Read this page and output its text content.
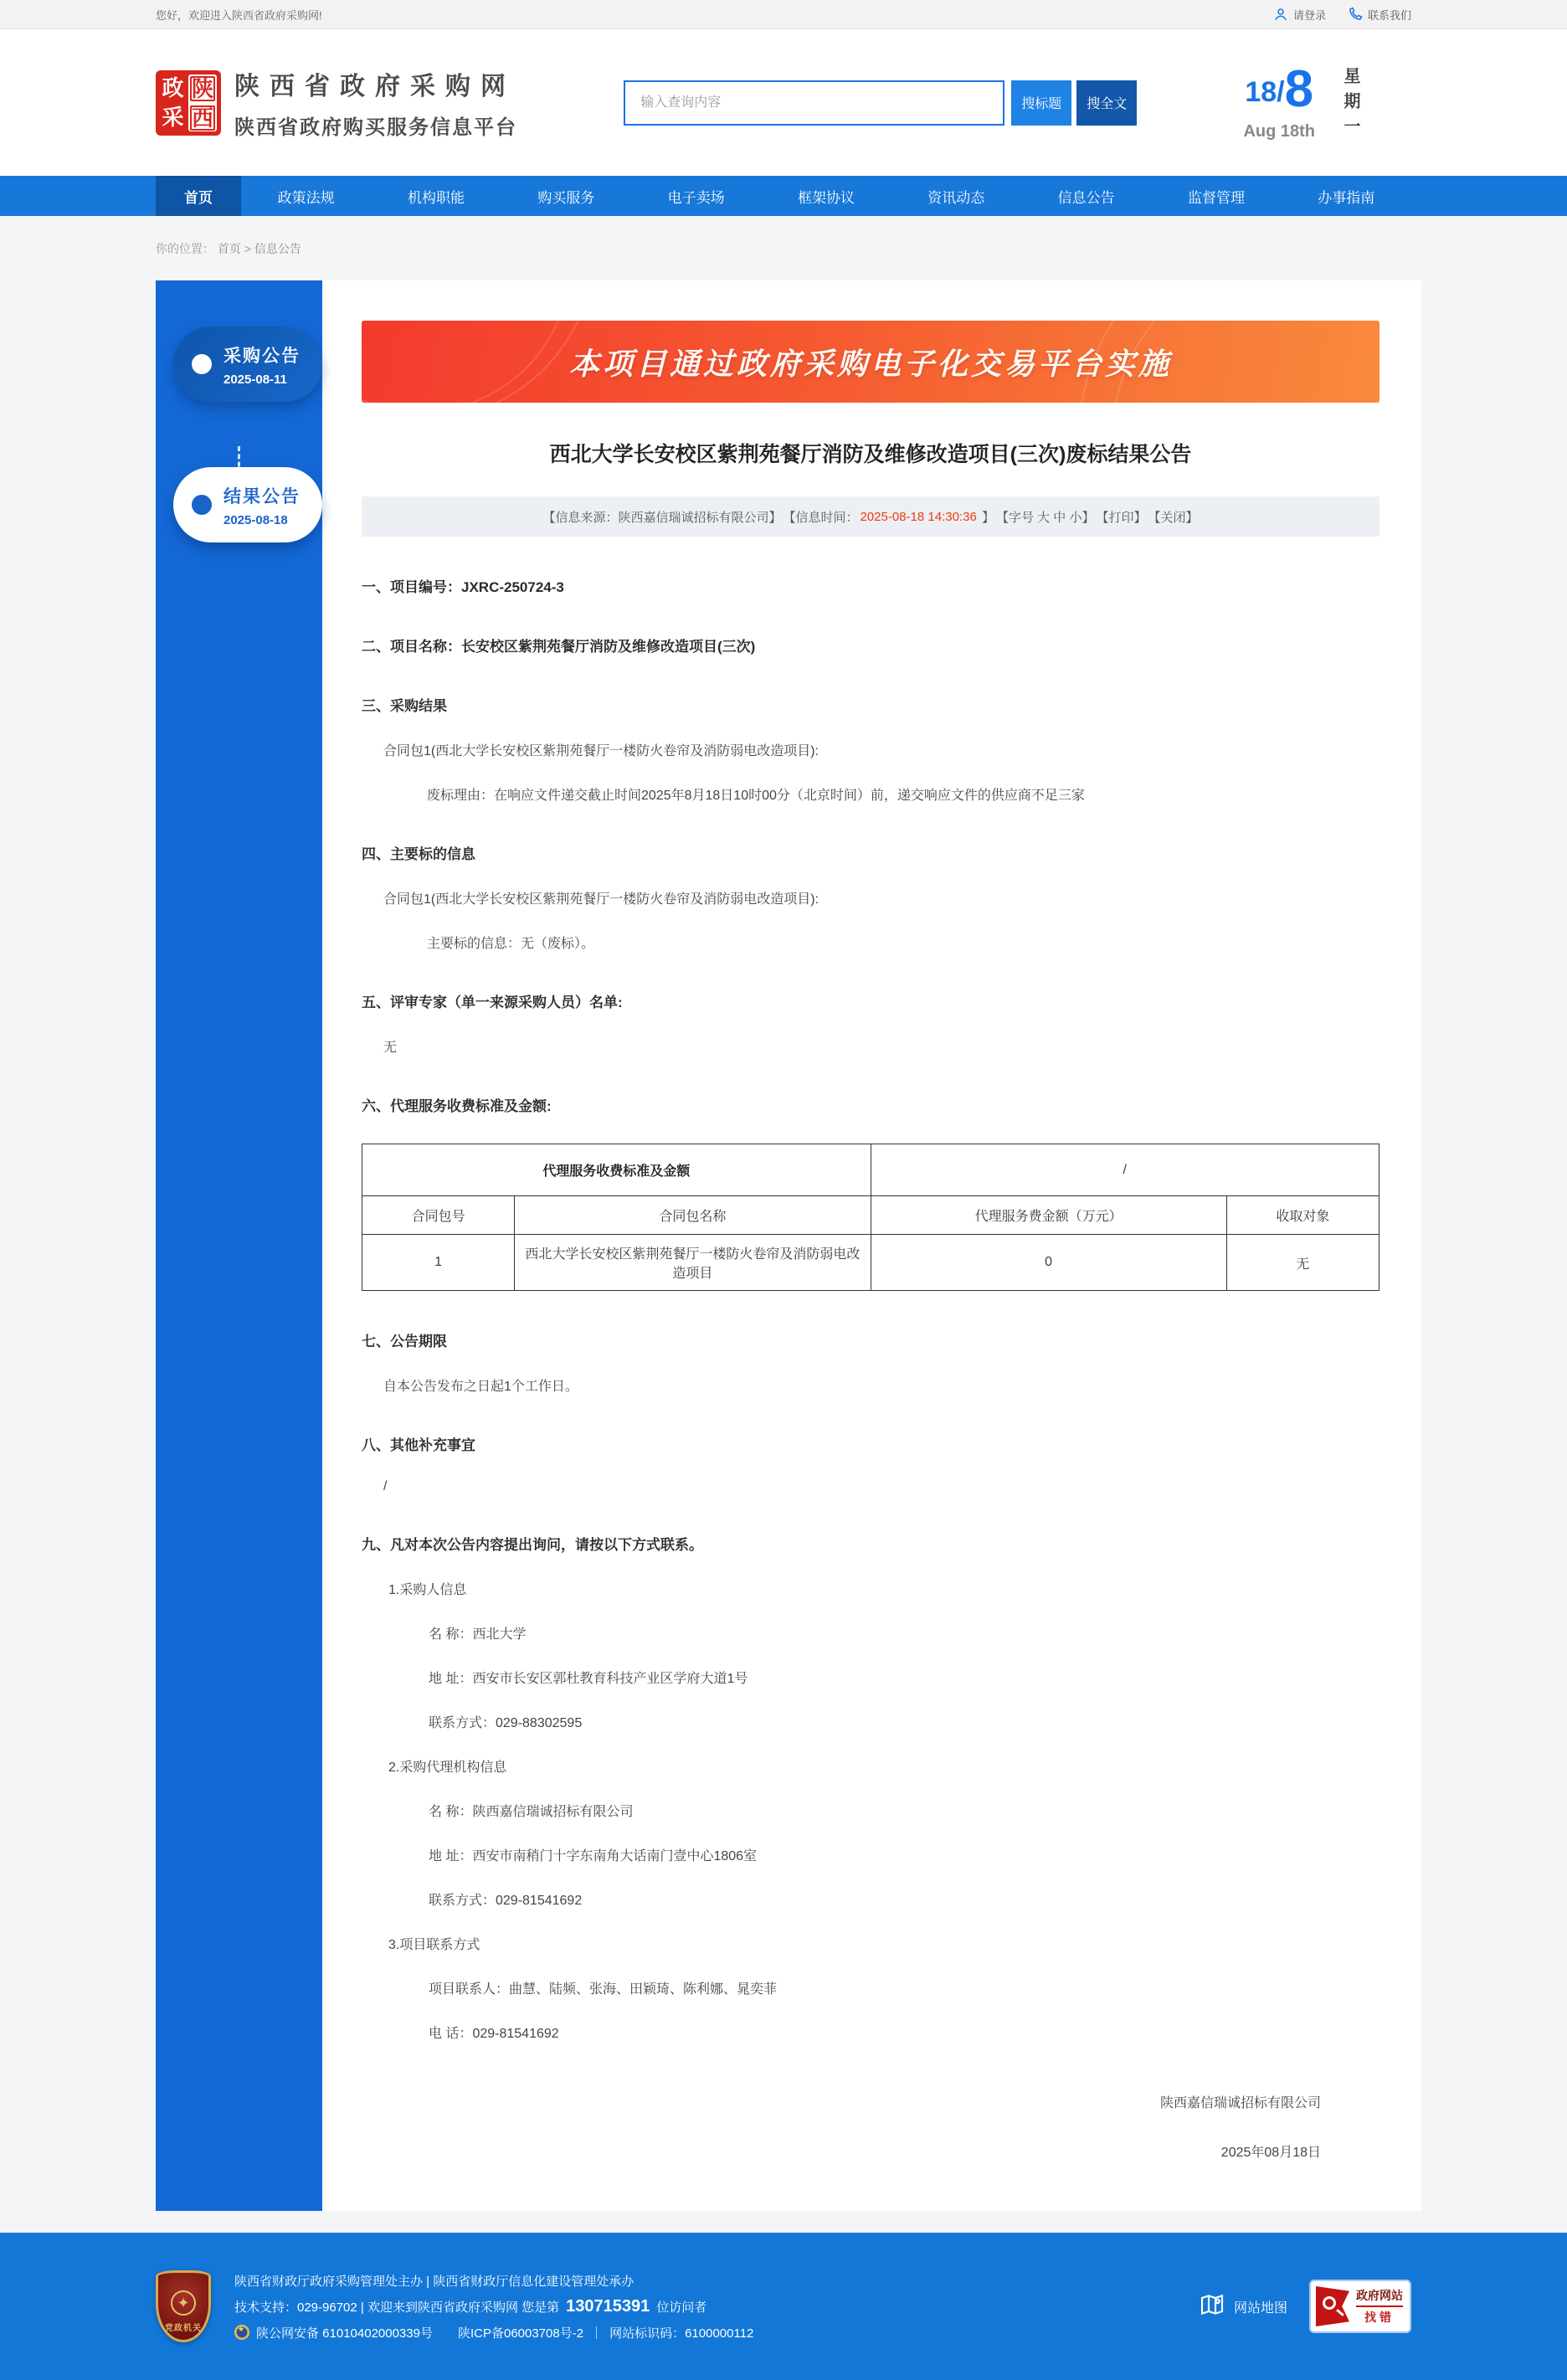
您好，欢迎进入陕西省政府采购网!	请登录	联系我们
政
采
陕
西
陕西省政府采购网
陕西省政府购买服务信息平台
输入查询内容
搜标题	搜全文	18/8
Aug 18th 星期一
首页	政策法规	机构职能	购买服务	电子卖场	框架协议	资讯动态	信息公告	监督管理	办事指南
你的位置： 首页 > 信息公告
采购公告
2025-08-11
结果公告
2025-08-18
本项目通过政府采购电子化交易平台实施
西北大学长安校区紫荆苑餐厅消防及维修改造项目(三次)废标结果公告
【信息来源：陕西嘉信瑞诚招标有限公司】 【信息时间： 2025-08-18 14:30:36 】 【字号 大 中 小】 【打印】 【关闭】
一、项目编号：JXRC-250724-3
二、项目名称：长安校区紫荆苑餐厅消防及维修改造项目(三次)
三、采购结果
合同包1(西北大学长安校区紫荆苑餐厅一楼防火卷帘及消防弱电改造项目):
废标理由：在响应文件递交截止时间2025年8月18日10时00分（北京时间）前，递交响应文件的供应商不足三家
四、主要标的信息
合同包1(西北大学长安校区紫荆苑餐厅一楼防火卷帘及消防弱电改造项目):
主要标的信息：无（废标）。
五、评审专家（单一来源采购人员）名单:
无
六、代理服务收费标准及金额:
代理服务收费标准及金额		/	
合同包号	合同包名称	代理服务费金额（万元）	收取对象
1	西北大学长安校区紫荆苑餐厅一楼防火卷帘及消防弱电改造项目	0	无
七、公告期限
自本公告发布之日起1个工作日。
八、其他补充事宜
/
九、凡对本次公告内容提出询问，请按以下方式联系。
1.采购人信息
名 称：西北大学
地 址：西安市长安区郭杜教育科技产业区学府大道1号
联系方式：029-88302595
2.采购代理机构信息
名 称：陕西嘉信瑞诚招标有限公司
地 址：西安市南稍门十字东南角大话南门壹中心1806室
联系方式：029-81541692
3.项目联系方式
项目联系人：曲慧、陆频、张海、田颖琦、陈利娜、晁奕菲
电 话：029-81541692
陕西嘉信瑞诚招标有限公司
2025年08月18日
✦
党政机关
陕西省财政厅政府采购管理处主办 | 陕西省财政厅信息化建设管理处承办
技术支持：029-96702 | 欢迎来到陕西省政府采购网 您是第 130715391 位访问者
★
陕公网安备 61010402000339号 陕ICP备06003708号-2 ｜ 网站标识码：6100000112
网站地图
政府网站
找错
